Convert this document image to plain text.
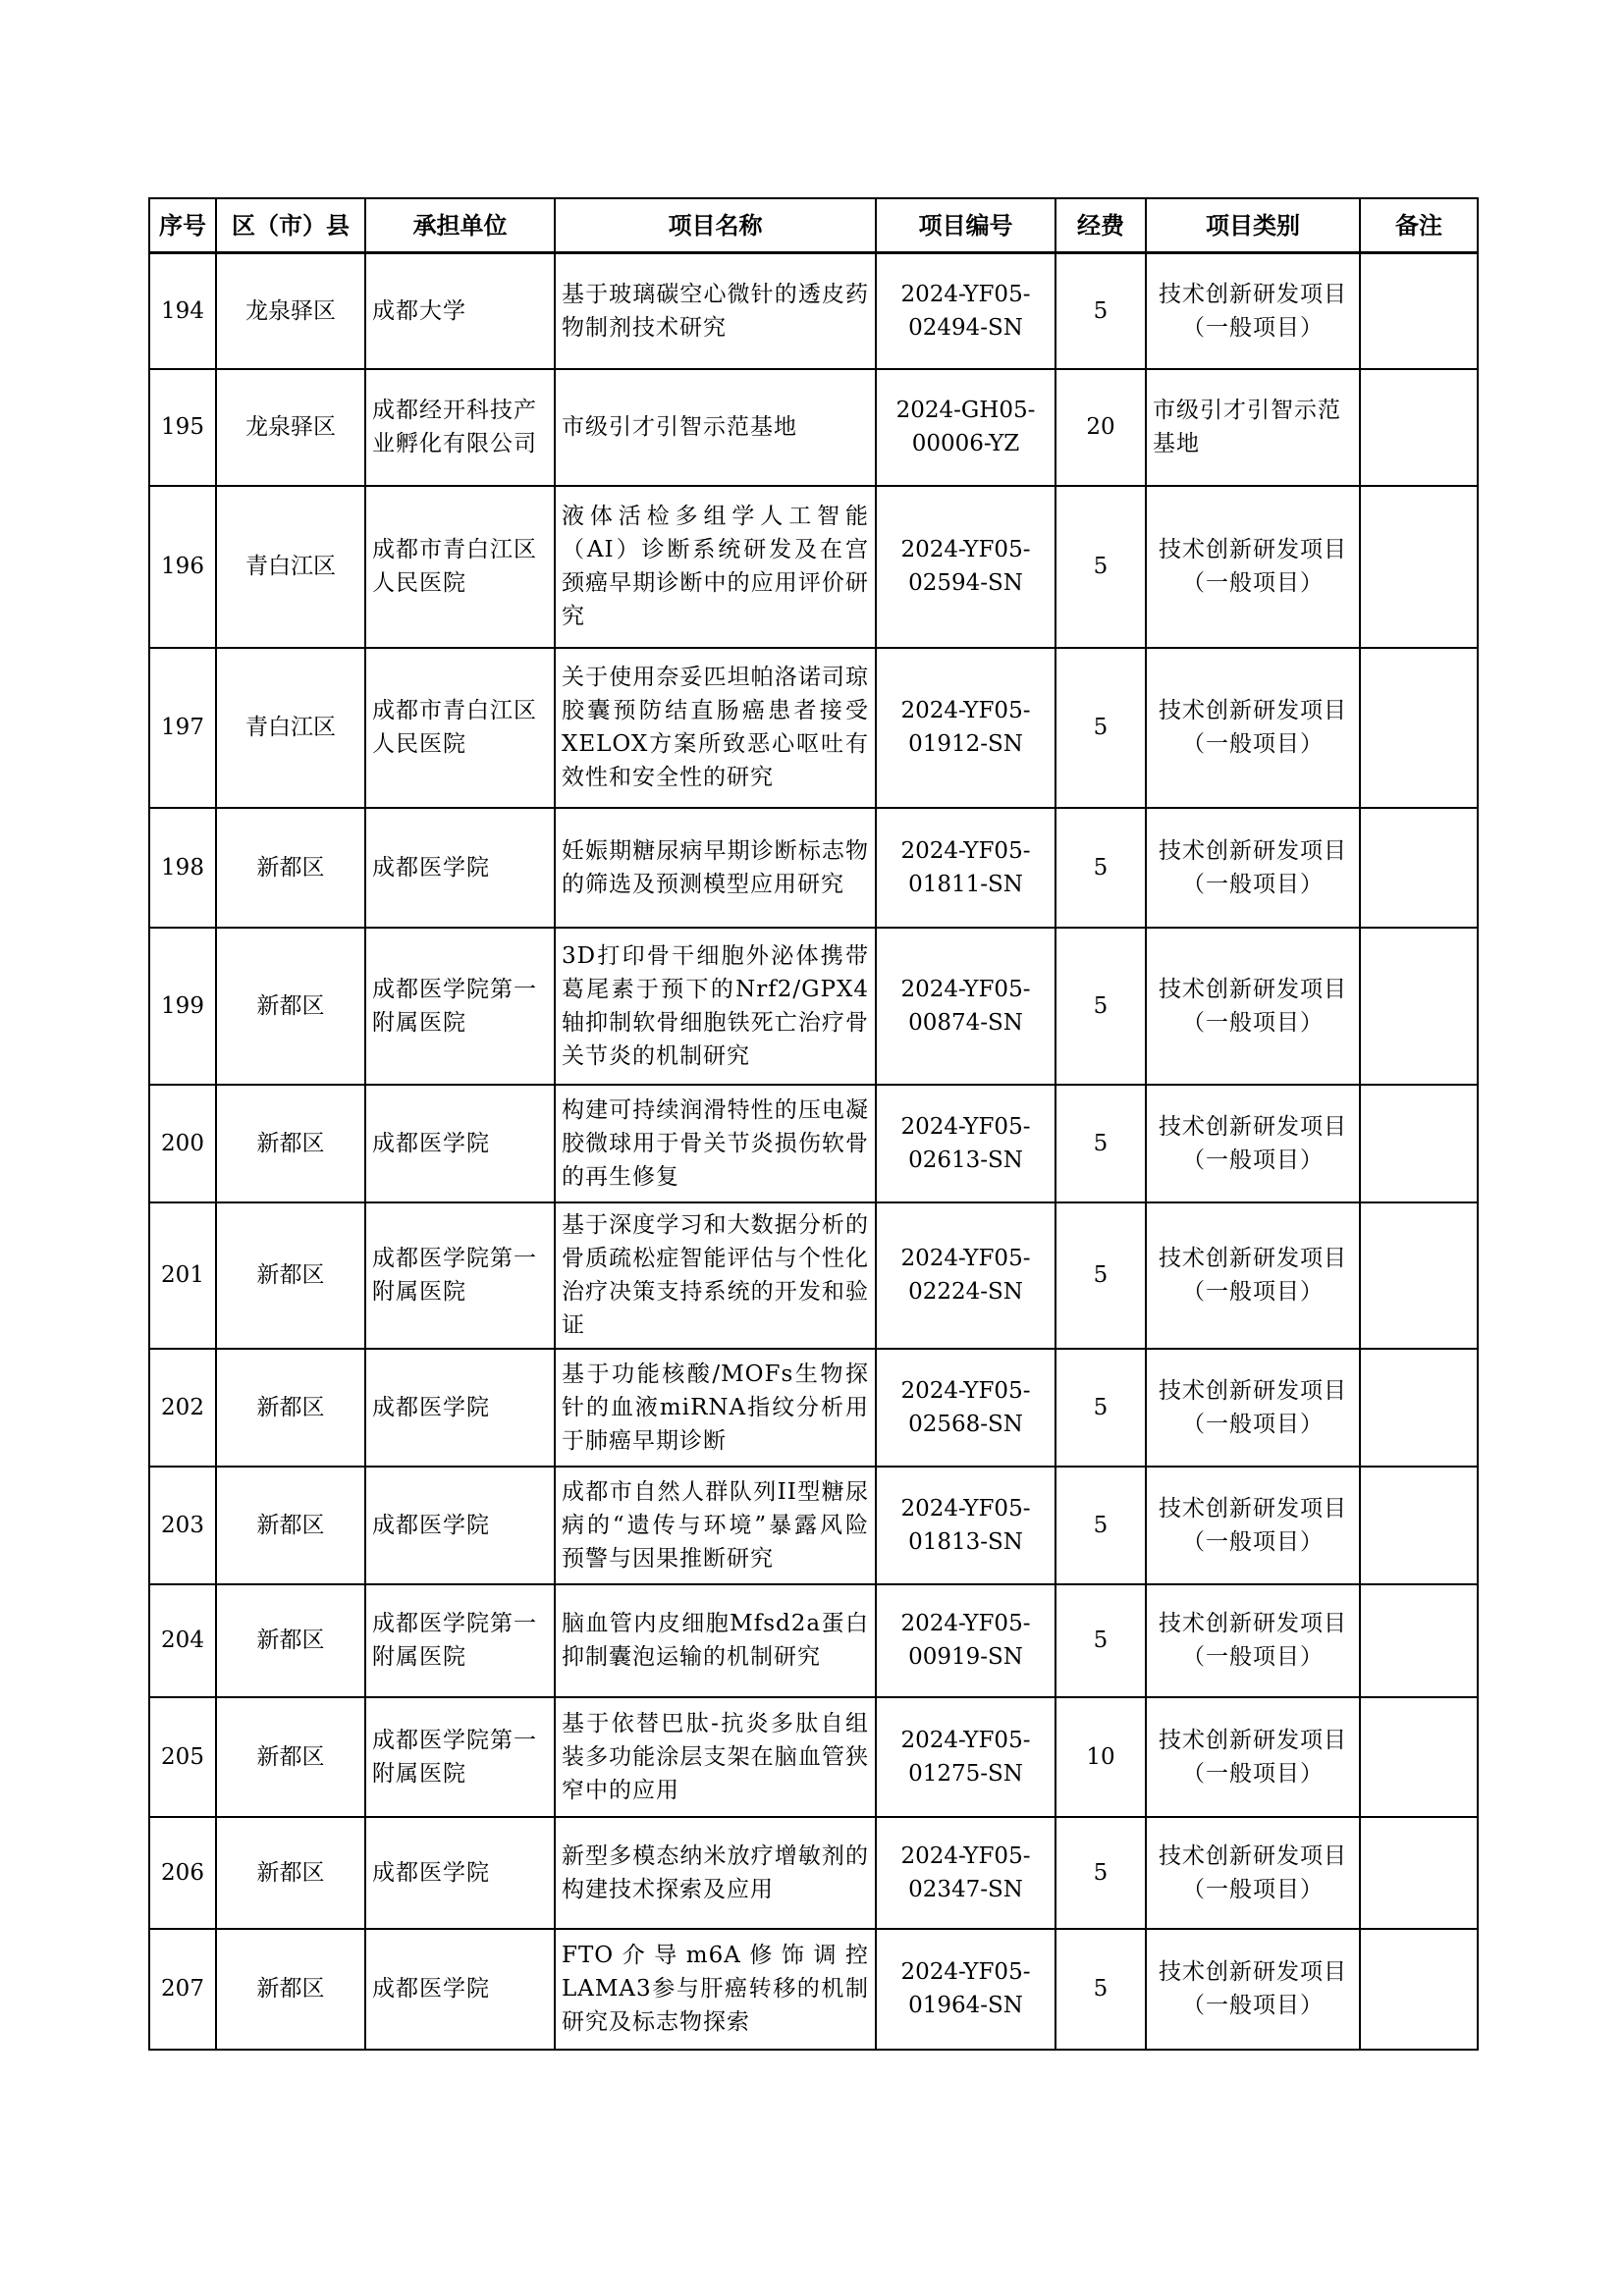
序号	区（市）县	承担单位	项目名称	项目编号	经费	项目类别	备注
194	龙泉驿区	成都大学	基于玻璃碳空心微针的透皮药物制剂技术研究	2024-YF05-02494-SN	5	技术创新研发项目（一般项目）	
195	龙泉驿区	成都经开科技产业孵化有限公司	市级引才引智示范基地	2024-GH05-00006-YZ	20	市级引才引智示范基地	
196	青白江区	成都市青白江区人民医院	液体活检多组学人工智能（AI）诊断系统研发及在宫颈癌早期诊断中的应用评价研究	2024-YF05-02594-SN	5	技术创新研发项目（一般项目）	
197	青白江区	成都市青白江区人民医院	关于使用奈妥匹坦帕洛诺司琼胶囊预防结直肠癌患者接受XELOX方案所致恶心呕吐有效性和安全性的研究	2024-YF05-01912-SN	5	技术创新研发项目（一般项目）	
198	新都区	成都医学院	妊娠期糖尿病早期诊断标志物的筛选及预测模型应用研究	2024-YF05-01811-SN	5	技术创新研发项目（一般项目）	
199	新都区	成都医学院第一附属医院	3D打印骨干细胞外泌体携带葛尾素于预下的Nrf2/GPX4轴抑制软骨细胞铁死亡治疗骨关节炎的机制研究	2024-YF05-00874-SN	5	技术创新研发项目（一般项目）	
200	新都区	成都医学院	构建可持续润滑特性的压电凝胶微球用于骨关节炎损伤软骨的再生修复	2024-YF05-02613-SN	5	技术创新研发项目（一般项目）	
201	新都区	成都医学院第一附属医院	基于深度学习和大数据分析的骨质疏松症智能评估与个性化治疗决策支持系统的开发和验证	2024-YF05-02224-SN	5	技术创新研发项目（一般项目）	
202	新都区	成都医学院	基于功能核酸/MOFs生物探针的血液miRNA指纹分析用于肺癌早期诊断	2024-YF05-02568-SN	5	技术创新研发项目（一般项目）	
203	新都区	成都医学院	成都市自然人群队列II型糖尿病的“遗传与环境”暴露风险预警与因果推断研究	2024-YF05-01813-SN	5	技术创新研发项目（一般项目）	
204	新都区	成都医学院第一附属医院	脑血管内皮细胞Mfsd2a蛋白抑制囊泡运输的机制研究	2024-YF05-00919-SN	5	技术创新研发项目（一般项目）	
205	新都区	成都医学院第一附属医院	基于依替巴肽-抗炎多肽自组装多功能涂层支架在脑血管狭窄中的应用	2024-YF05-01275-SN	10	技术创新研发项目（一般项目）	
206	新都区	成都医学院	新型多模态纳米放疗增敏剂的构建技术探索及应用	2024-YF05-02347-SN	5	技术创新研发项目（一般项目）	
207	新都区	成都医学院	FTO介导m6A修饰调控LAMA3参与肝癌转移的机制研究及标志物探索	2024-YF05-01964-SN	5	技术创新研发项目（一般项目）	
